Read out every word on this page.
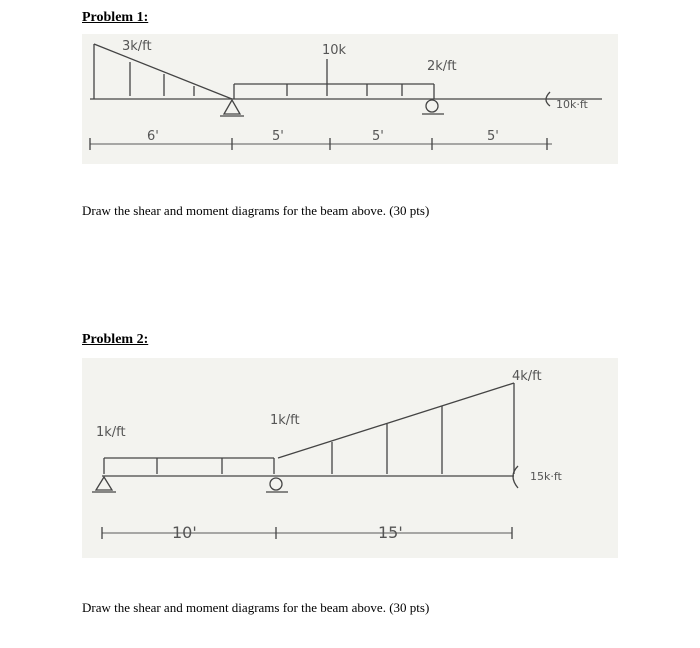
Problem 1:
3k/ft	10k
2k/ft
10k·ft
6'	5'	5'	5'
Draw the shear and moment diagrams for the beam above. (30 pts)
Problem 2:
1k/ft
1k/ft
4k/ft
15k·ft
10'	15'
Draw the shear and moment diagrams for the beam above. (30 pts)
